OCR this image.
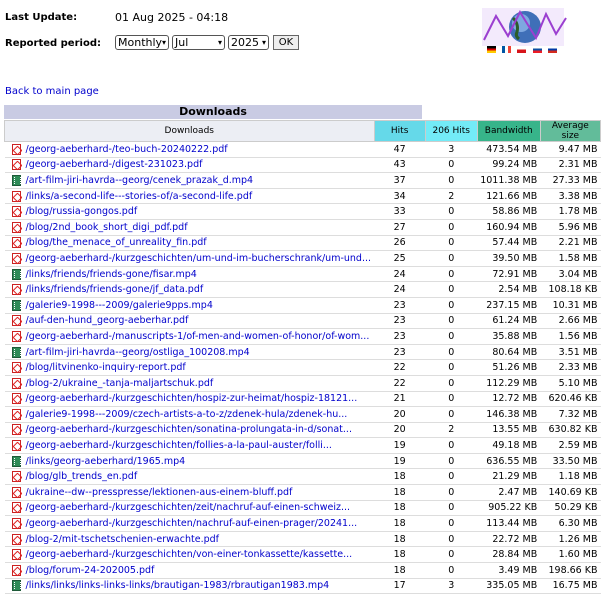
Last Update:	01 Aug 2025 - 04:18
Reported period: Monthly ▾ Jul	▾ 2025 ▾	OK

Back to main page
Downloads
Downloads	Hits	206 Hits	Bandwidth	Average size
/georg-aeberhard-/teo-buch-20240222.pdf	47	3	473.54 MB	9.47 MB
/georg-aeberhard-/digest-231023.pdf	43	0	99.24 MB	2.31 MB
/art-film-jiri-havrda--georg/cenek_prazak_d.mp4	37	0	1011.38 MB	27.33 MB
/links/a-second-life---stories-of/a-second-life.pdf	34	2	121.66 MB	3.38 MB
/blog/russia-gongos.pdf	33	0	58.86 MB	1.78 MB
/blog/2nd_book_short_digi_pdf.pdf	27	0	160.94 MB	5.96 MB
/blog/the_menace_of_unreality_fin.pdf	26	0	57.44 MB	2.21 MB
/georg-aeberhard-/kurzgeschichten/um-und-im-bucherschrank/um-und...	25	0	39.50 MB	1.58 MB
/links/friends/friends-gone/fisar.mp4	24	0	72.91 MB	3.04 MB
/links/friends/friends-gone/jf_data.pdf	24	0	2.54 MB	108.18 KB
/galerie9-1998---2009/galerie9pps.mp4	23	0	237.15 MB	10.31 MB
/auf-den-hund_georg-aeberhar.pdf	23	0	61.24 MB	2.66 MB
/georg-aeberhard-/manuscripts-1/of-men-and-women-of-honor/of-wom...	23	0	35.88 MB	1.56 MB
/art-film-jiri-havrda--georg/ostliga_100208.mp4	23	0	80.64 MB	3.51 MB
/blog/litvinenko-inquiry-report.pdf	22	0	51.26 MB	2.33 MB
/blog-2/ukraine_-tanja-maljartschuk.pdf	22	0	112.29 MB	5.10 MB
/georg-aeberhard-/kurzgeschichten/hospiz-zur-heimat/hospiz-18121...	21	0	12.72 MB	620.46 KB
/galerie9-1998---2009/czech-artists-a-to-z/zdenek-hula/zdenek-hu...	20	0	146.38 MB	7.32 MB
/georg-aeberhard-/kurzgeschichten/sonatina-prolungata-in-d/sonat...	20	2	13.55 MB	630.82 KB
/georg-aeberhard-/kurzgeschichten/follies-a-la-paul-auster/folli...	19	0	49.18 MB	2.59 MB
/links/georg-aeberhard/1965.mp4	19	0	636.55 MB	33.50 MB
/blog/glb_trends_en.pdf	18	0	21.29 MB	1.18 MB
/ukraine--dw--presspresse/lektionen-aus-einem-bluff.pdf	18	0	2.47 MB	140.69 KB
/georg-aeberhard-/kurzgeschichten/zeit/nachruf-auf-einen-schweiz...	18	0	905.22 KB	50.29 KB
/georg-aeberhard-/kurzgeschichten/nachruf-auf-einen-prager/20241...	18	0	113.44 MB	6.30 MB
/blog-2/mit-tschetschenien-erwachte.pdf	18	0	22.72 MB	1.26 MB
/georg-aeberhard-/kurzgeschichten/von-einer-tonkassette/kassette...	18	0	28.84 MB	1.60 MB
/blog/forum-24-202005.pdf	18	0	3.49 MB	198.66 KB
/links/links/links-links-links/brautigan-1983/rbrautigan1983.mp4	17	3	335.05 MB	16.75 MB
